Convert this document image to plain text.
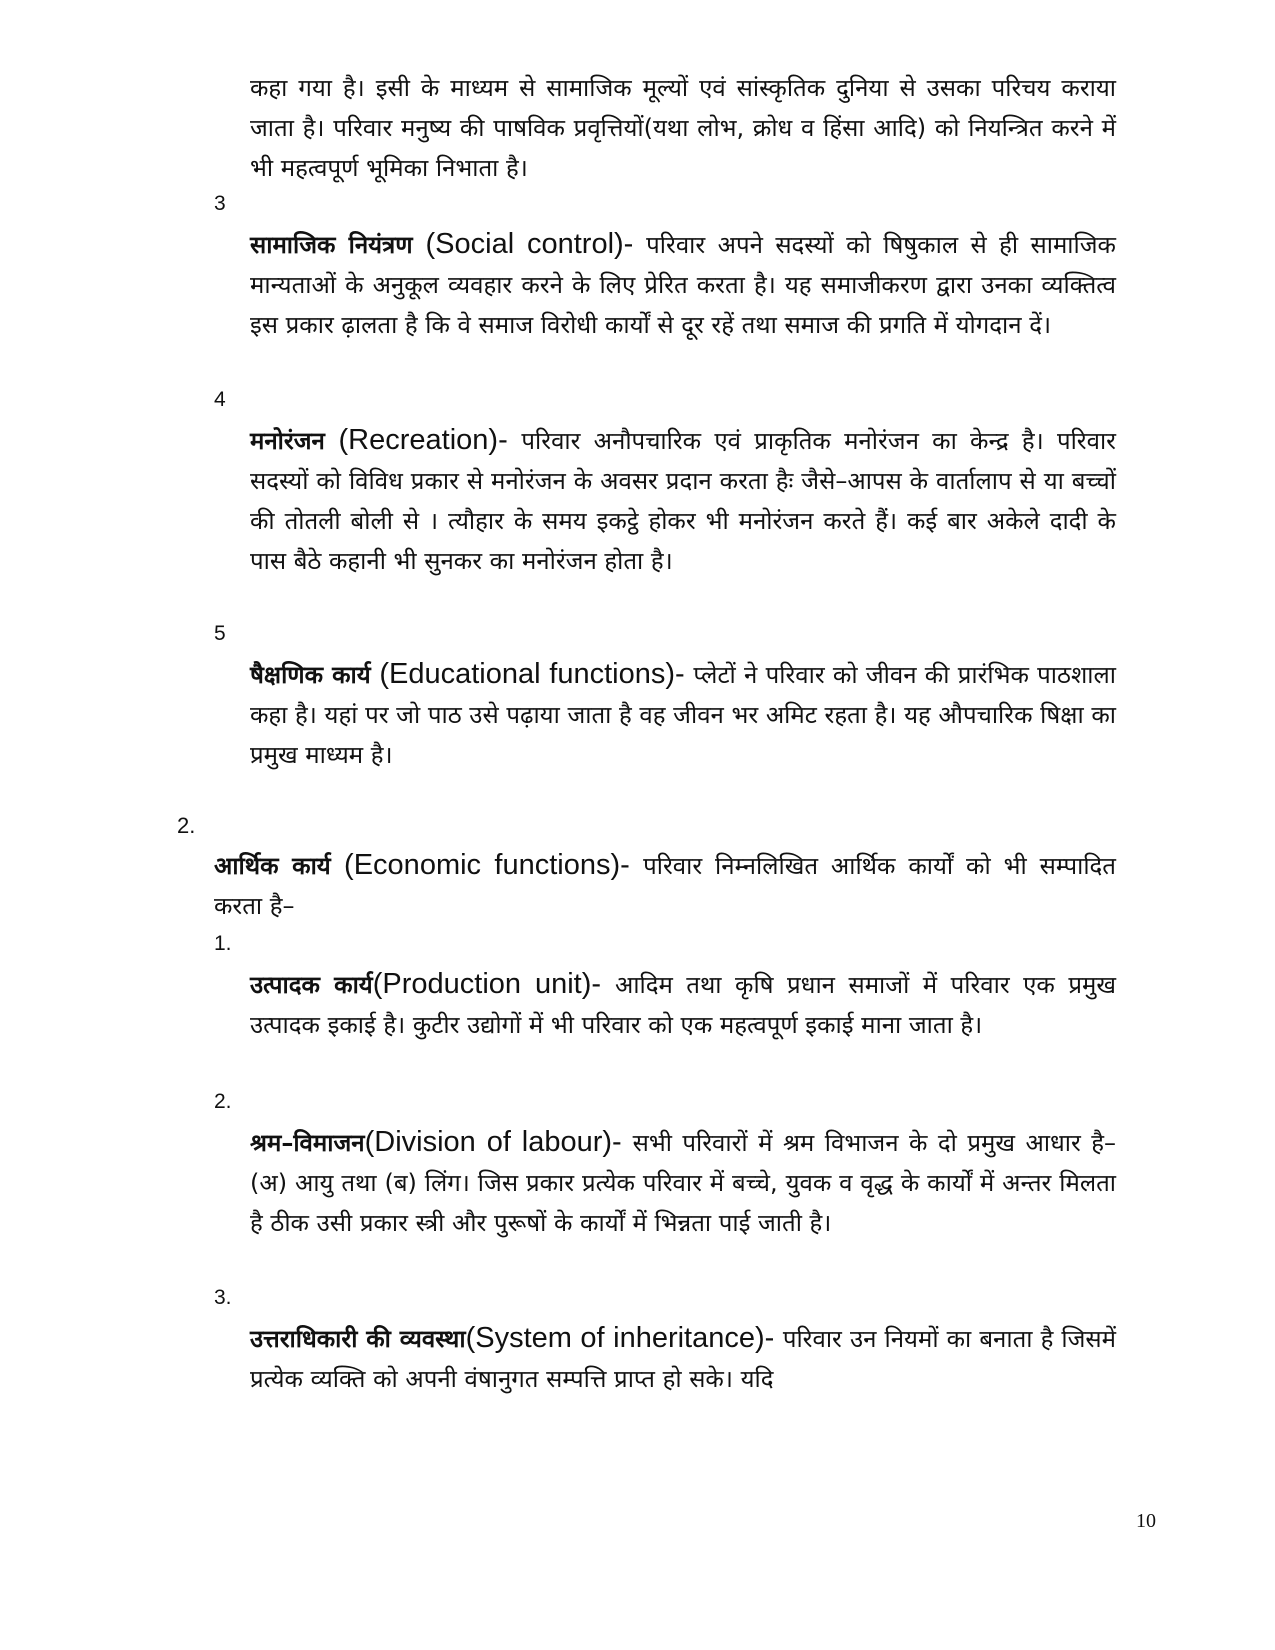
कहा गया है। इसी के माध्यम से सामाजिक मूल्यों एवं सांस्कृतिक दुनिया से उसका परिचय कराया जाता है। परिवार मनुष्य की पाषविक प्रवृत्तियों(यथा लोभ, क्रोध व हिंसा आदि) को नियन्त्रित करने में भी महत्वपूर्ण भूमिका निभाता है।

3

सामाजिक नियंत्रण (Social control)- परिवार अपने सदस्यों को षिषुकाल से ही सामाजिक मान्यताओं के अनुकूल व्यवहार करने के लिए प्रेरित करता है। यह समाजीकरण द्वारा उनका व्यक्तित्व इस प्रकार ढ़ालता है कि वे समाज विरोधी कार्यों से दूर रहें तथा समाज की प्रगति में योगदान दें।

4

मनोरंजन (Recreation)- परिवार अनौपचारिक एवं प्राकृतिक मनोरंजन का केन्द्र है। परिवार सदस्यों को विविध प्रकार से मनोरंजन के अवसर प्रदान करता हैः जैसे–आपस के वार्तालाप से या बच्चों की तोतली बोली से । त्यौहार के समय इकट्ठे होकर भी मनोरंजन करते हैं। कई बार अकेले दादी के पास बैठे कहानी भी सुनकर का मनोरंजन होता है।

5

षैक्षणिक कार्य (Educational functions)- प्लेटों ने परिवार को जीवन की प्रारंभिक पाठशाला कहा है। यहां पर जो पाठ उसे पढ़ाया जाता है वह जीवन भर अमिट रहता है। यह औपचारिक षिक्षा का प्रमुख माध्यम है।

2.

आर्थिक कार्य (Economic functions)- परिवार निम्नलिखित आर्थिक कार्यों को भी सम्पादित करता है–

1.

उत्पादक कार्य(Production unit)- आदिम तथा कृषि प्रधान समाजों में परिवार एक प्रमुख उत्पादक इकाई है। कुटीर उद्योगों में भी परिवार को एक महत्वपूर्ण इकाई माना जाता है।

2.

श्रम–विमाजन(Division of labour)- सभी परिवारों में श्रम विभाजन के दो प्रमुख आधार है–(अ) आयु तथा (ब) लिंग। जिस प्रकार प्रत्येक परिवार में बच्चे, युवक व वृद्ध के कार्यों में अन्तर मिलता है ठीक उसी प्रकार स्त्री और पुरूषों के कार्यों में भिन्नता पाई जाती है।

3.

उत्तराधिकारी की व्यवस्था(System of inheritance)- परिवार उन नियमों का बनाता है जिसमें प्रत्येक व्यक्ति को अपनी वंषानुगत सम्पत्ति प्राप्त हो सके। यदि

10
